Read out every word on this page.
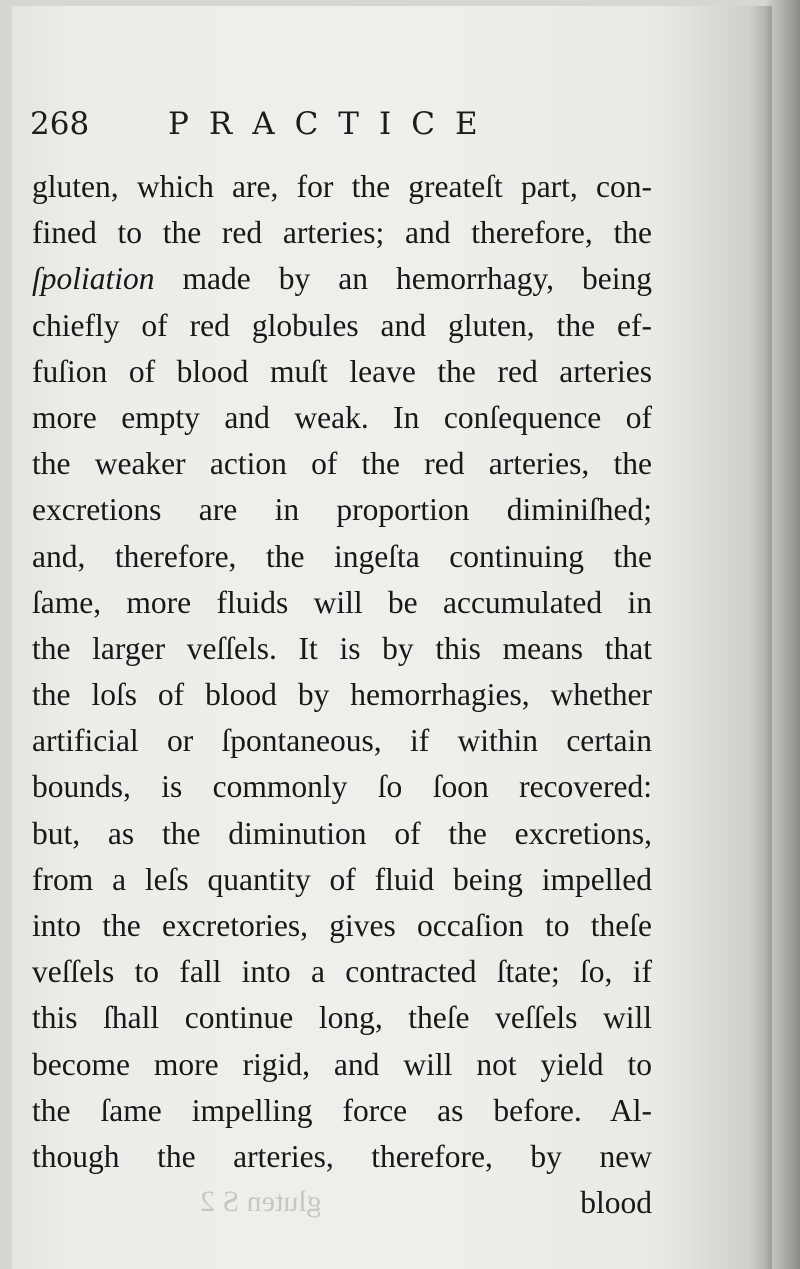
gluten S 2
268	PRACTICE
gluten, which are, for the greateſt part, con-
fined to the red arteries; and therefore, the
ſpoliation made by an hemorrhagy, being
chiefly of red globules and gluten, the ef-
fuſion of blood muſt leave the red arteries
more empty and weak. In conſequence of
the weaker action of the red arteries, the
excretions are in proportion diminiſhed;
and, therefore, the ingeſta continuing the
ſame, more fluids will be accumulated in
the larger veſſels. It is by this means that
the loſs of blood by hemorrhagies, whether
artificial or ſpontaneous, if within certain
bounds, is commonly ſo ſoon recovered:
but, as the diminution of the excretions,
from a leſs quantity of fluid being impelled
into the excretories, gives occaſion to theſe
veſſels to fall into a contracted ſtate; ſo, if
this ſhall continue long, theſe veſſels will
become more rigid, and will not yield to
the ſame impelling force as before. Al-
though the arteries, therefore, by new
blood
